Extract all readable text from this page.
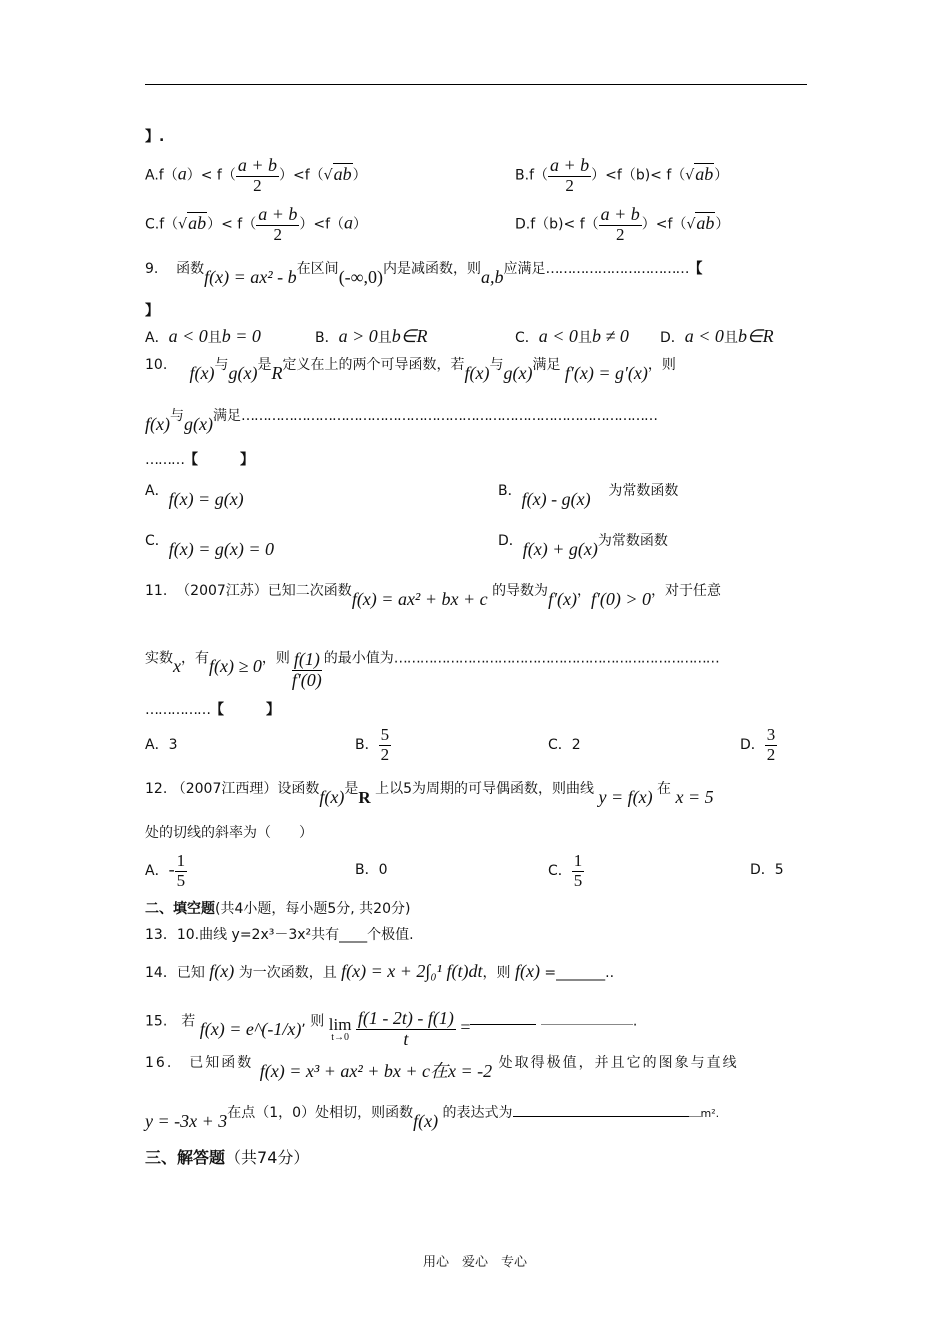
】.
$A.f(a)< f( \frac{a + b}{2} )<f(√ab)$	$B.f( \frac{a + b}{2} )<f(b)< f(√ab)$
$C.f(√ab)< f( \frac{a + b}{2} )<f(a)$	$D.f(b)< f( \frac{a + b}{2} )<f(√ab)$
9. 函数f(x) = ax² - b在区间(-∞,0)内是减函数，则a,b应满足……………………………【
】
A．a < 0且b = 0	B．a > 0且b∈R	C．a < 0且b ≠ 0 D．a < 0且b∈R
10. f(x)与g(x)是R定义在上的两个可导函数，若f(x)与g(x)满足 f′(x) = g′(x)，则
f(x)与g(x)满足……………………………………………………………………………………
………【　　　】
A．f(x) = g(x)	B．f(x) - g(x) 为常数函数
C．f(x) = g(x) = 0	D．f(x) + g(x)为常数函数
11. （2007江苏）已知二次函数f(x) = ax² + bx + c 的导数为f′(x)，f′(0) > 0，对于任意
实数x，有f(x) ≥ 0，则 $\frac{f(1)}{f'(0)}$ 的最小值为…………………………………………………………………
……………【　　　】
A．3	B． $\frac{5}{2}$	C．2	D． $\frac{3}{2}$
12. （2007江西理）设函数f(x)是R 上以5为周期的可导偶函数，则曲线 y = f(x) 在 x = 5
处的切线的斜率为（　　）
A．- $\frac{1}{5}$	B．0	C． $\frac{1}{5}$	D．5
二、填空题(共4小题，每小题5分, 共20分)
13．10.曲线 y=2x³－3x²共有____个极值.
14．已知 f(x) 为一次函数，且 f(x) = x + 2∫₀¹ f(t)dt，则 f(x) =_______..
15.　若 f(x) = e^(-1/x), 则 lim
t→0
$\frac{f(1 - 2t) - f(1)}{t}$ =	.
16.　已知函数 f(x) = x³ + ax² + bx + c在x = -2 处取得极值，并且它的图象与直线
y = -3x + 3在点（1，0）处相切，则函数f(x) 的表达式为	m².
三、解答题（共74分）
用心　爱心　专心
